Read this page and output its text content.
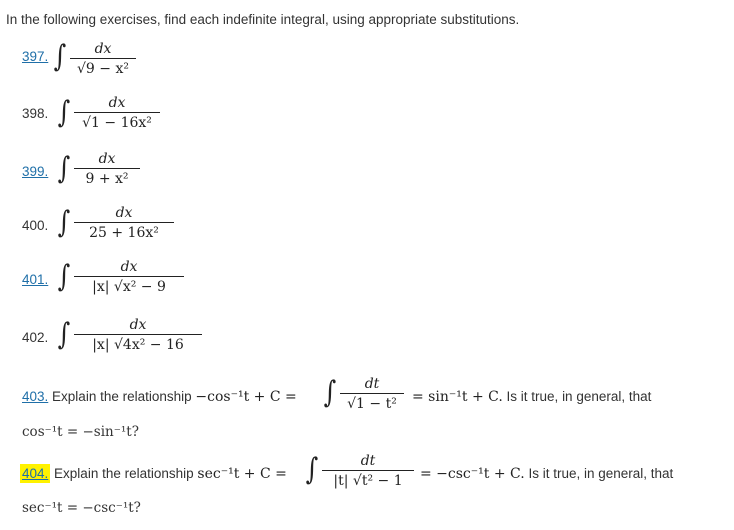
In the following exercises, find each indefinite integral, using appropriate substitutions.
397. ∫	dx
√9 − x²
398. ∫	dx
√1 − 16x²
399. ∫	dx
9 + x²
400. ∫	dx
25 + 16x²
401. ∫	dx
|x| √x² − 9
402. ∫	dx
|x| √4x² − 16
403. Explain the relationship −cos⁻¹t + C = ∫	dt
√1 − t²	= sin⁻¹t + C. Is it true, in general, that
cos⁻¹t = −sin⁻¹t?
404. Explain the relationship sec⁻¹t + C = ∫	dt
|t| √t² − 1	= −csc⁻¹t + C. Is it true, in general, that
sec⁻¹t = −csc⁻¹t?
